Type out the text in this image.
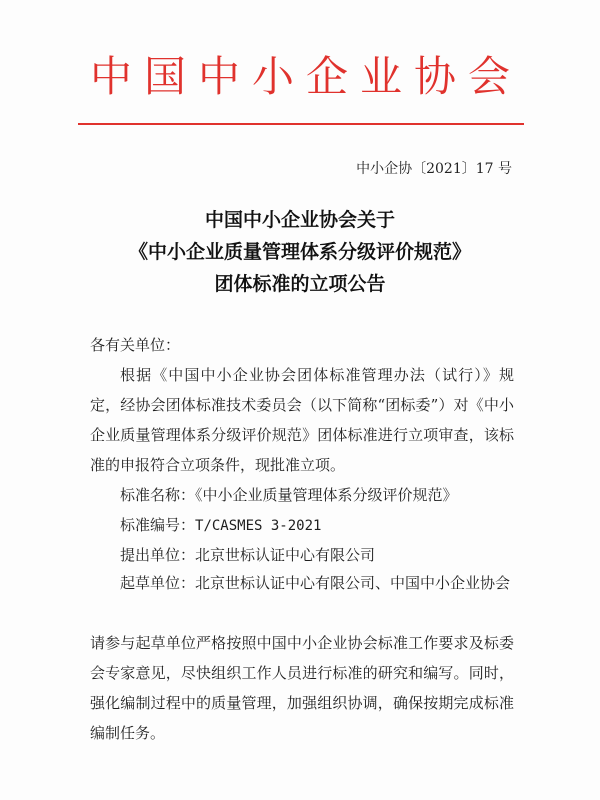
中国中小企业协会
中小企协〔2021〕17 号
中国中小企业协会关于
《中小企业质量管理体系分级评价规范》
团体标准的立项公告
各有关单位：
根据《中国中小企业协会团体标准管理办法（试行）》规定，经协会团体标准技术委员会（以下简称“团标委”）对《中小企业质量管理体系分级评价规范》团体标准进行立项审查，该标准的申报符合立项条件，现批准立项。
标准名称：《中小企业质量管理体系分级评价规范》
标准编号：T/CASMES 3-2021
提出单位：北京世标认证中心有限公司
起草单位：北京世标认证中心有限公司、中国中小企业协会
请参与起草单位严格按照中国中小企业协会标准工作要求及标委会专家意见，尽快组织工作人员进行标准的研究和编写。同时，强化编制过程中的质量管理，加强组织协调，确保按期完成标准编制任务。
